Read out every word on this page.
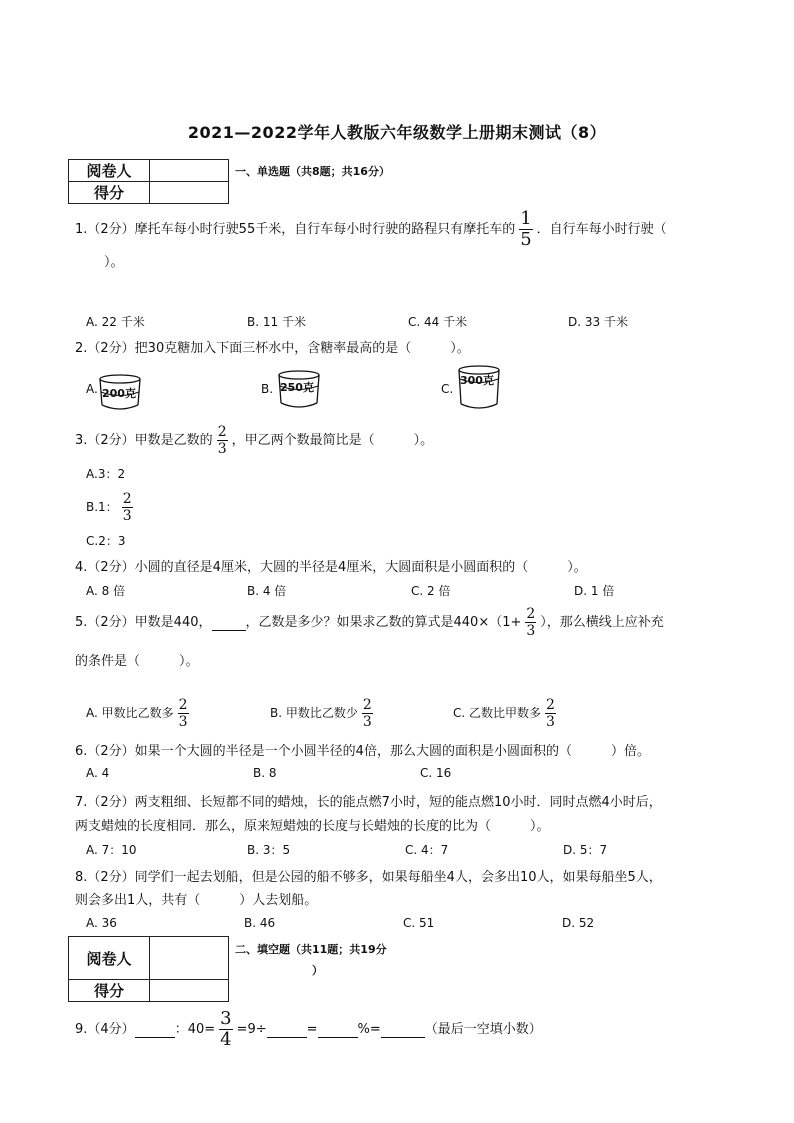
2021—2022学年人教版六年级数学上册期末测试（8）
阅卷人	
得分	
一、单选题（共8题；共16分）
1.（2分）摩托车每小时行驶55千米，自行车每小时行驶的路程只有摩托车的 $\frac{1}{5}$ ．自行车每小时行驶（
）。
A. 22 千米	B. 11 千米	C. 44 千米	D. 33 千米
2.（2分）把30克糖加入下面三杯水中，含糖率最高的是（　　　）。
A.	B.	C.
200克	250克
300克
3.（2分）甲数是乙数的 $\frac{2}{3}$ ，甲乙两个数最简比是（　　　）。
A.3：2
B.1： $\frac{2}{3}$
C.2：3
4.（2分）小圆的直径是4厘米，大圆的半径是4厘米，大圆面积是小圆面积的（　　　）。
A. 8 倍	B. 4 倍	C. 2 倍	D. 1 倍
5.（2分）甲数是440，	，乙数是多少？如果求乙数的算式是$440\times(1+ \frac{2}{3}$ ），那么横线上应补充
的条件是（　　　）。
A. 甲数比乙数多 $\frac{2}{3}$	B. 甲数比乙数少 $\frac{2}{3}$	C. 乙数比甲数多 $\frac{2}{3}$
6.（2分）如果一个大圆的半径是一个小圆半径的4倍，那么大圆的面积是小圆面积的（　　　）倍。
A. 4	B. 8	C. 16
7.（2分）两支粗细、长短都不同的蜡烛，长的能点燃7小时，短的能点燃10小时．同时点燃4小时后，
两支蜡烛的长度相同．那么，原来短蜡烛的长度与长蜡烛的长度的比为（　　　）。
A. 7：10	B. 3：5	C. 4：7	D. 5：7
8.（2分）同学们一起去划船，但是公园的船不够多，如果每船坐4人，会多出10人，如果每船坐5人，
则会多出1人，共有（　　　）人去划船。
A. 36	B. 46	C. 51	D. 52
阅卷人	
得分	
二、填空题（共11题；共19分
）
9.（4分）	：$40= \frac{3}{4} =9\div$	=	%=	（最后一空填小数）
